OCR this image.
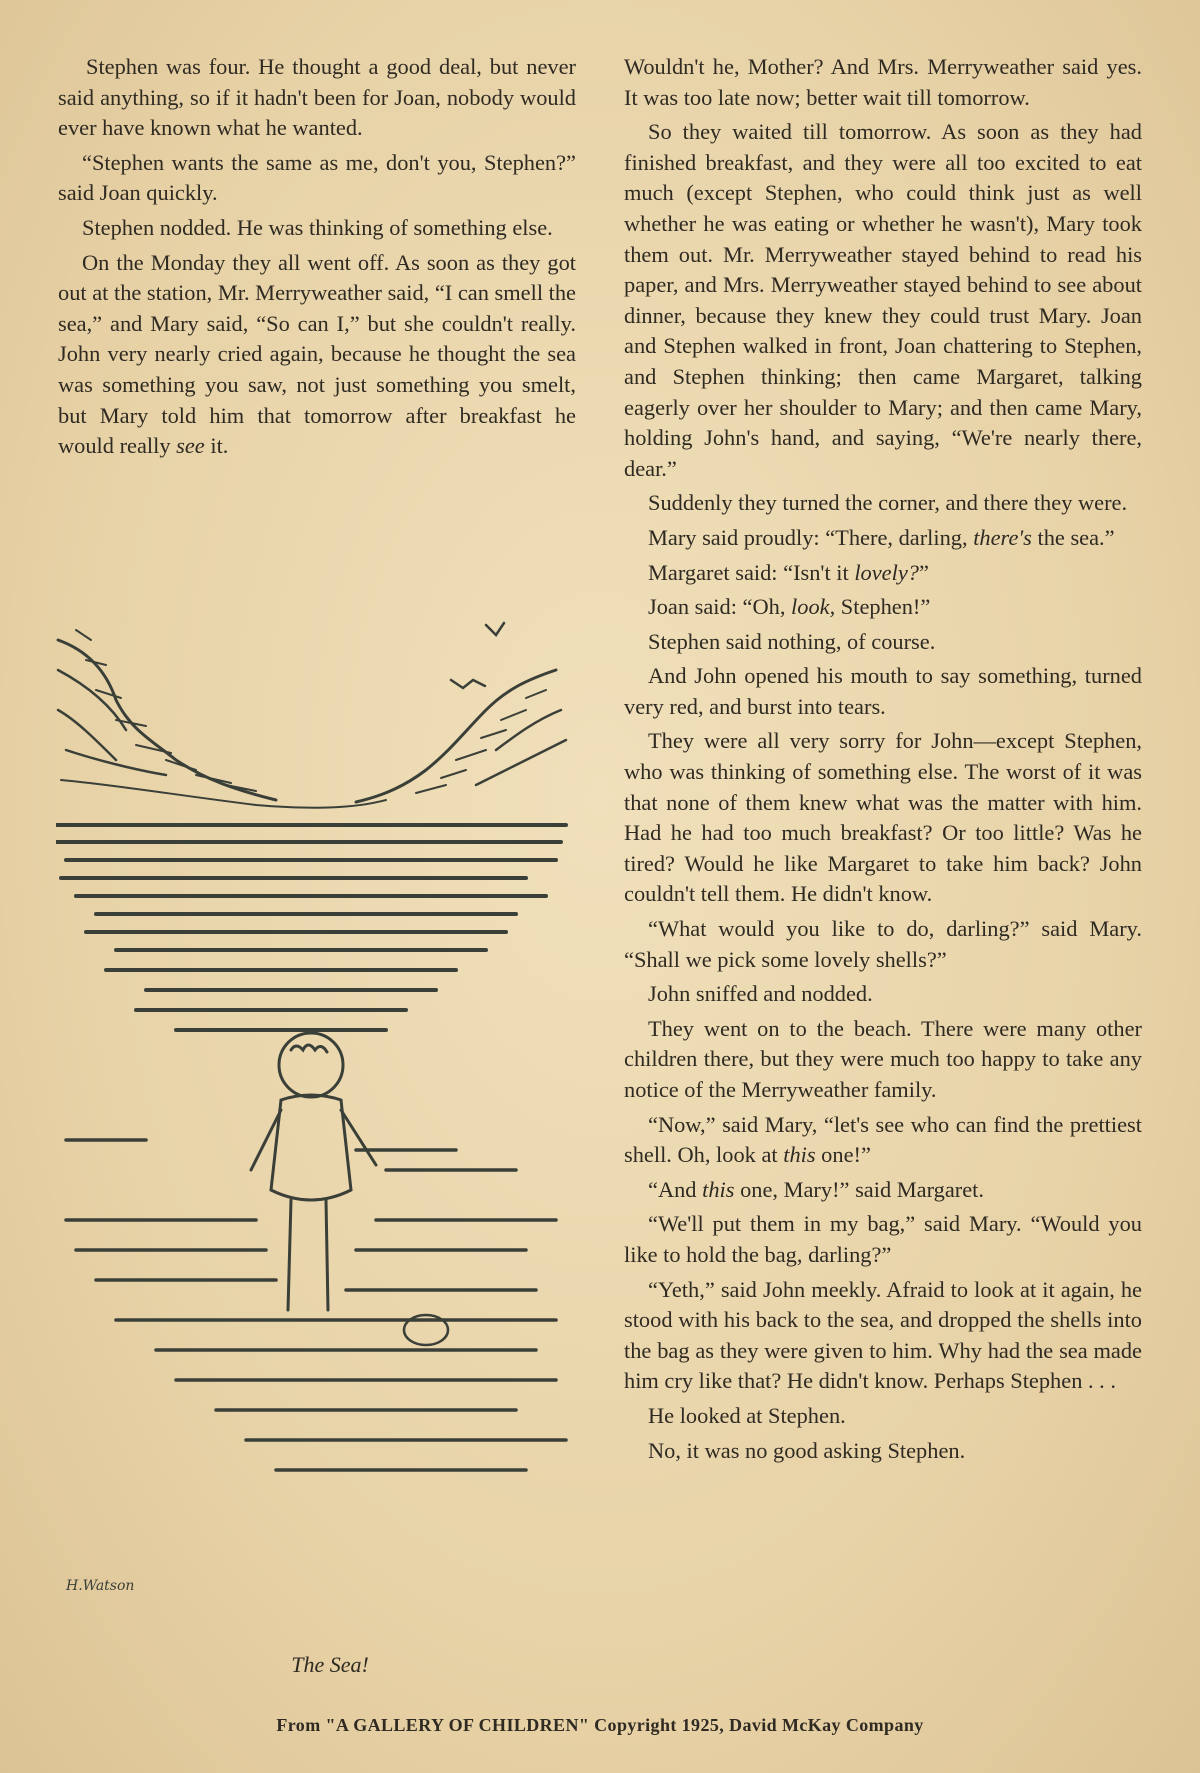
Stephen was four. He thought a good deal, but never said anything, so if it hadn't been for Joan, nobody would ever have known what he wanted.

“Stephen wants the same as me, don't you, Stephen?” said Joan quickly.

Stephen nodded. He was thinking of something else.

On the Monday they all went off. As soon as they got out at the station, Mr. Merryweather said, “I can smell the sea,” and Mary said, “So can I,” but she couldn't really. John very nearly cried again, because he thought the sea was something you saw, not just something you smelt, but Mary told him that tomorrow after breakfast he would really see it.

H.Watson
The Sea!

Wouldn't he, Mother? And Mrs. Merryweather said yes. It was too late now; better wait till tomorrow.

So they waited till tomorrow. As soon as they had finished breakfast, and they were all too excited to eat much (except Stephen, who could think just as well whether he was eating or whether he wasn't), Mary took them out. Mr. Merryweather stayed behind to read his paper, and Mrs. Merryweather stayed behind to see about dinner, because they knew they could trust Mary. Joan and Stephen walked in front, Joan chattering to Stephen, and Stephen thinking; then came Margaret, talking eagerly over her shoulder to Mary; and then came Mary, holding John's hand, and saying, “We're nearly there, dear.”

Suddenly they turned the corner, and there they were.

Mary said proudly: “There, darling, there's the sea.”

Margaret said: “Isn't it lovely?”

Joan said: “Oh, look, Stephen!”

Stephen said nothing, of course.

And John opened his mouth to say something, turned very red, and burst into tears.

They were all very sorry for John—except Stephen, who was thinking of something else. The worst of it was that none of them knew what was the matter with him. Had he had too much breakfast? Or too little? Was he tired? Would he like Margaret to take him back? John couldn't tell them. He didn't know.

“What would you like to do, darling?” said Mary. “Shall we pick some lovely shells?”

John sniffed and nodded.

They went on to the beach. There were many other children there, but they were much too happy to take any notice of the Merryweather family.

“Now,” said Mary, “let's see who can find the prettiest shell. Oh, look at this one!”

“And this one, Mary!” said Margaret.

“We'll put them in my bag,” said Mary. “Would you like to hold the bag, darling?”

“Yeth,” said John meekly. Afraid to look at it again, he stood with his back to the sea, and dropped the shells into the bag as they were given to him. Why had the sea made him cry like that? He didn't know. Perhaps Stephen . . .

He looked at Stephen.

No, it was no good asking Stephen.

From "A GALLERY OF CHILDREN" Copyright 1925, David McKay Company
